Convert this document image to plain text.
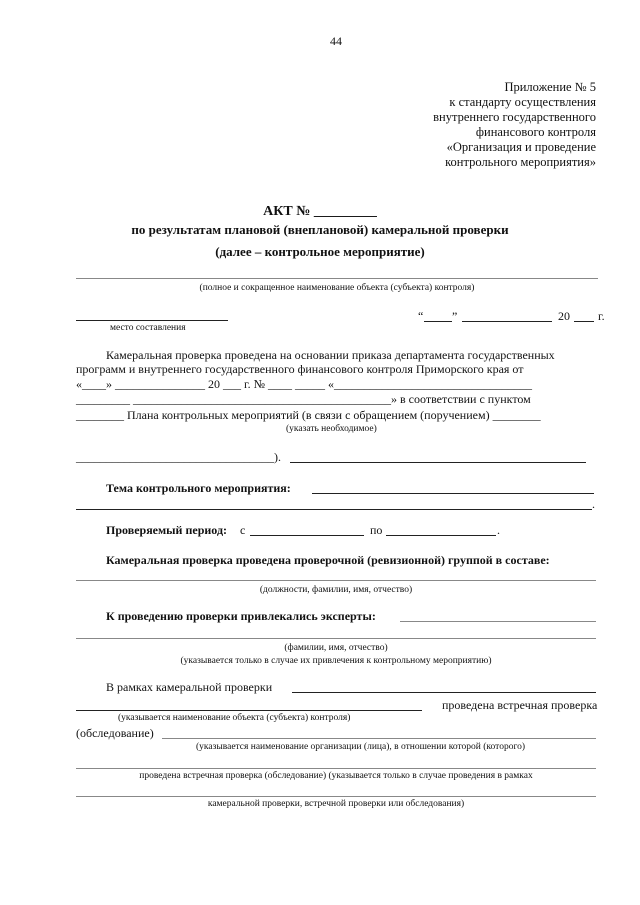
44
Приложение № 5
к стандарту осуществления
внутреннего государственного
финансового контроля
«Организация и проведение
контрольного мероприятия»
АКТ № _________
по результатам плановой (внеплановой) камеральной проверки
(далее – контрольное мероприятие)
(полное и сокращенное наименование объекта (субъекта) контроля)
место составления
“ ”	20 г.
Камеральная проверка проведена на основании приказа департамента государственных
программ и внутреннего государственного финансового контроля Приморского края от
«____» _______________ 20 ___ г. № ____ _____ «_________________________________
_________ ___________________________________________» в соответствии с пунктом
________ Плана контрольных мероприятий (в связи с обращением (поручением) ________
(указать необходимое)
_________________________________).
Тема контрольного мероприятия:
.
Проверяемый период: с	по	.
Камеральная проверка проведена проверочной (ревизионной) группой в составе:
(должности, фамилии, имя, отчество)
К проведению проверки привлекались эксперты:
(фамилии, имя, отчество)
(указывается только в случае их привлечения к контрольному мероприятию)
В рамках камеральной проверки
проведена встречная проверка
(указывается наименование объекта (субъекта) контроля)
(обследование)
(указывается наименование организации (лица), в отношении которой (которого)
проведена встречная проверка (обследование) (указывается только в случае проведения в рамках
камеральной проверки, встречной проверки или обследования)
